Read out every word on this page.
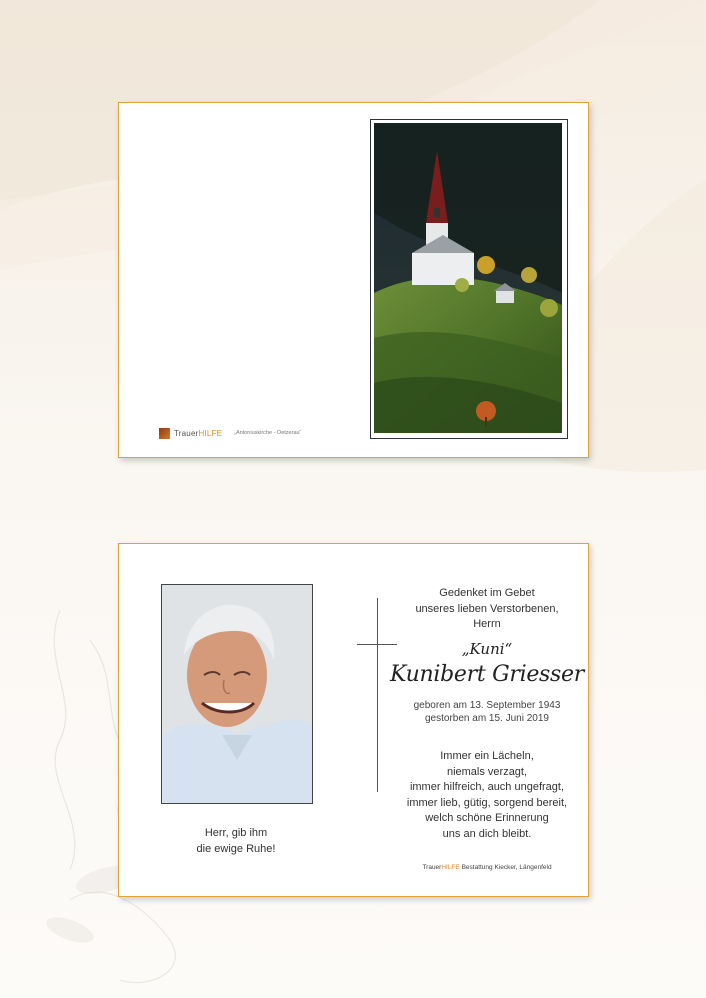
TrauerHILFE „Antoniuskirche - Oetzerau“
Herr, gib ihm
die ewige Ruhe!
Gedenket im Gebet
unseres lieben Verstorbenen,
Herrn
„Kuni“
Kunibert Griesser
geboren am 13. September 1943
gestorben am 15. Juni 2019
Immer ein Lächeln,
niemals verzagt,
immer hilfreich, auch ungefragt,
immer lieb, gütig, sorgend bereit,
welch schöne Erinnerung
uns an dich bleibt.
TrauerHILFE Bestattung Kiecker, Längenfeld
